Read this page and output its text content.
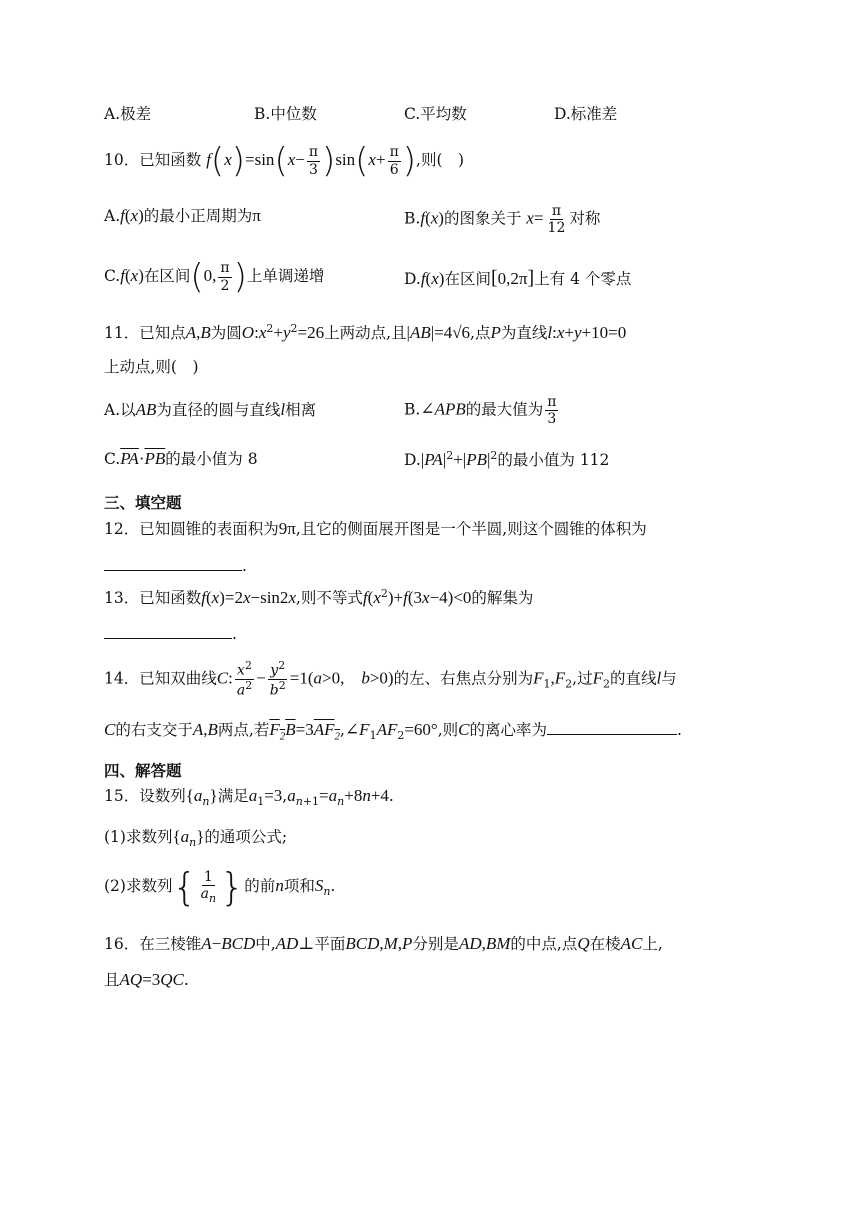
A.极差	B.中位数	C.平均数	D.标准差
10．已知函数 $f(x)=\sin(x- \frac{\pi}{3} )\sin(x+ \frac{\pi}{6}$ ),则(　)
A.f(x)的最小正周期为π	B.f(x)的图象关于 $x= \frac{\pi}{12}$ 对称
C.f(x)在区间(0, $\frac{\pi}{2}$ )上单调递增	D.f(x)在区间[0,2π]上有 4 个零点
11．已知点A,B为圆$O:x^2+y^2=26$上两动点,且|AB|=4√6,点P为直线l:x+y+10=0
上动点,则(　)
A.以AB为直径的圆与直线l相离	B.∠APB的最大值为 $\frac{\pi}{3}$
$C.\overline{PA}\cdot\overline{PB}$的最小值为 8	$D.|PA|^2+|PB|^2$的最小值为 112
三、填空题
12．已知圆锥的表面积为9π,且它的侧面展开图是一个半圆,则这个圆锥的体积为
.
13．已知函数f(x)=2x−sin2x,则不等式$f(x^2)+f(3x-4)<0$的解集为
.
14．已知双曲线C: $\frac{x^2}{a^2} - \frac{y^2}{b^2} =1(a>0$,　b>0)的左、右焦点分别为$F_1,F_2$,过$F_2$的直线l与
C的右支交于A,B两点,若$F_2B=3AF_2,\angle F_1AF_2=60^\circ$,则C的离心率为	.
四、解答题
15．设数列$\{a_n\}$满足$a_1=3,a_{n+1}=a_n+8n+4$.
(1)求数列$\{a_n\}$的通项公式;
(2)求数列{ $\frac{1}{a_n}$ }的前n项和$S_n$.
16．在三棱锥A−BCD中,AD⊥平面BCD,M,P分别是AD,BM的中点,点Q在棱AC上,
且AQ=3QC.
